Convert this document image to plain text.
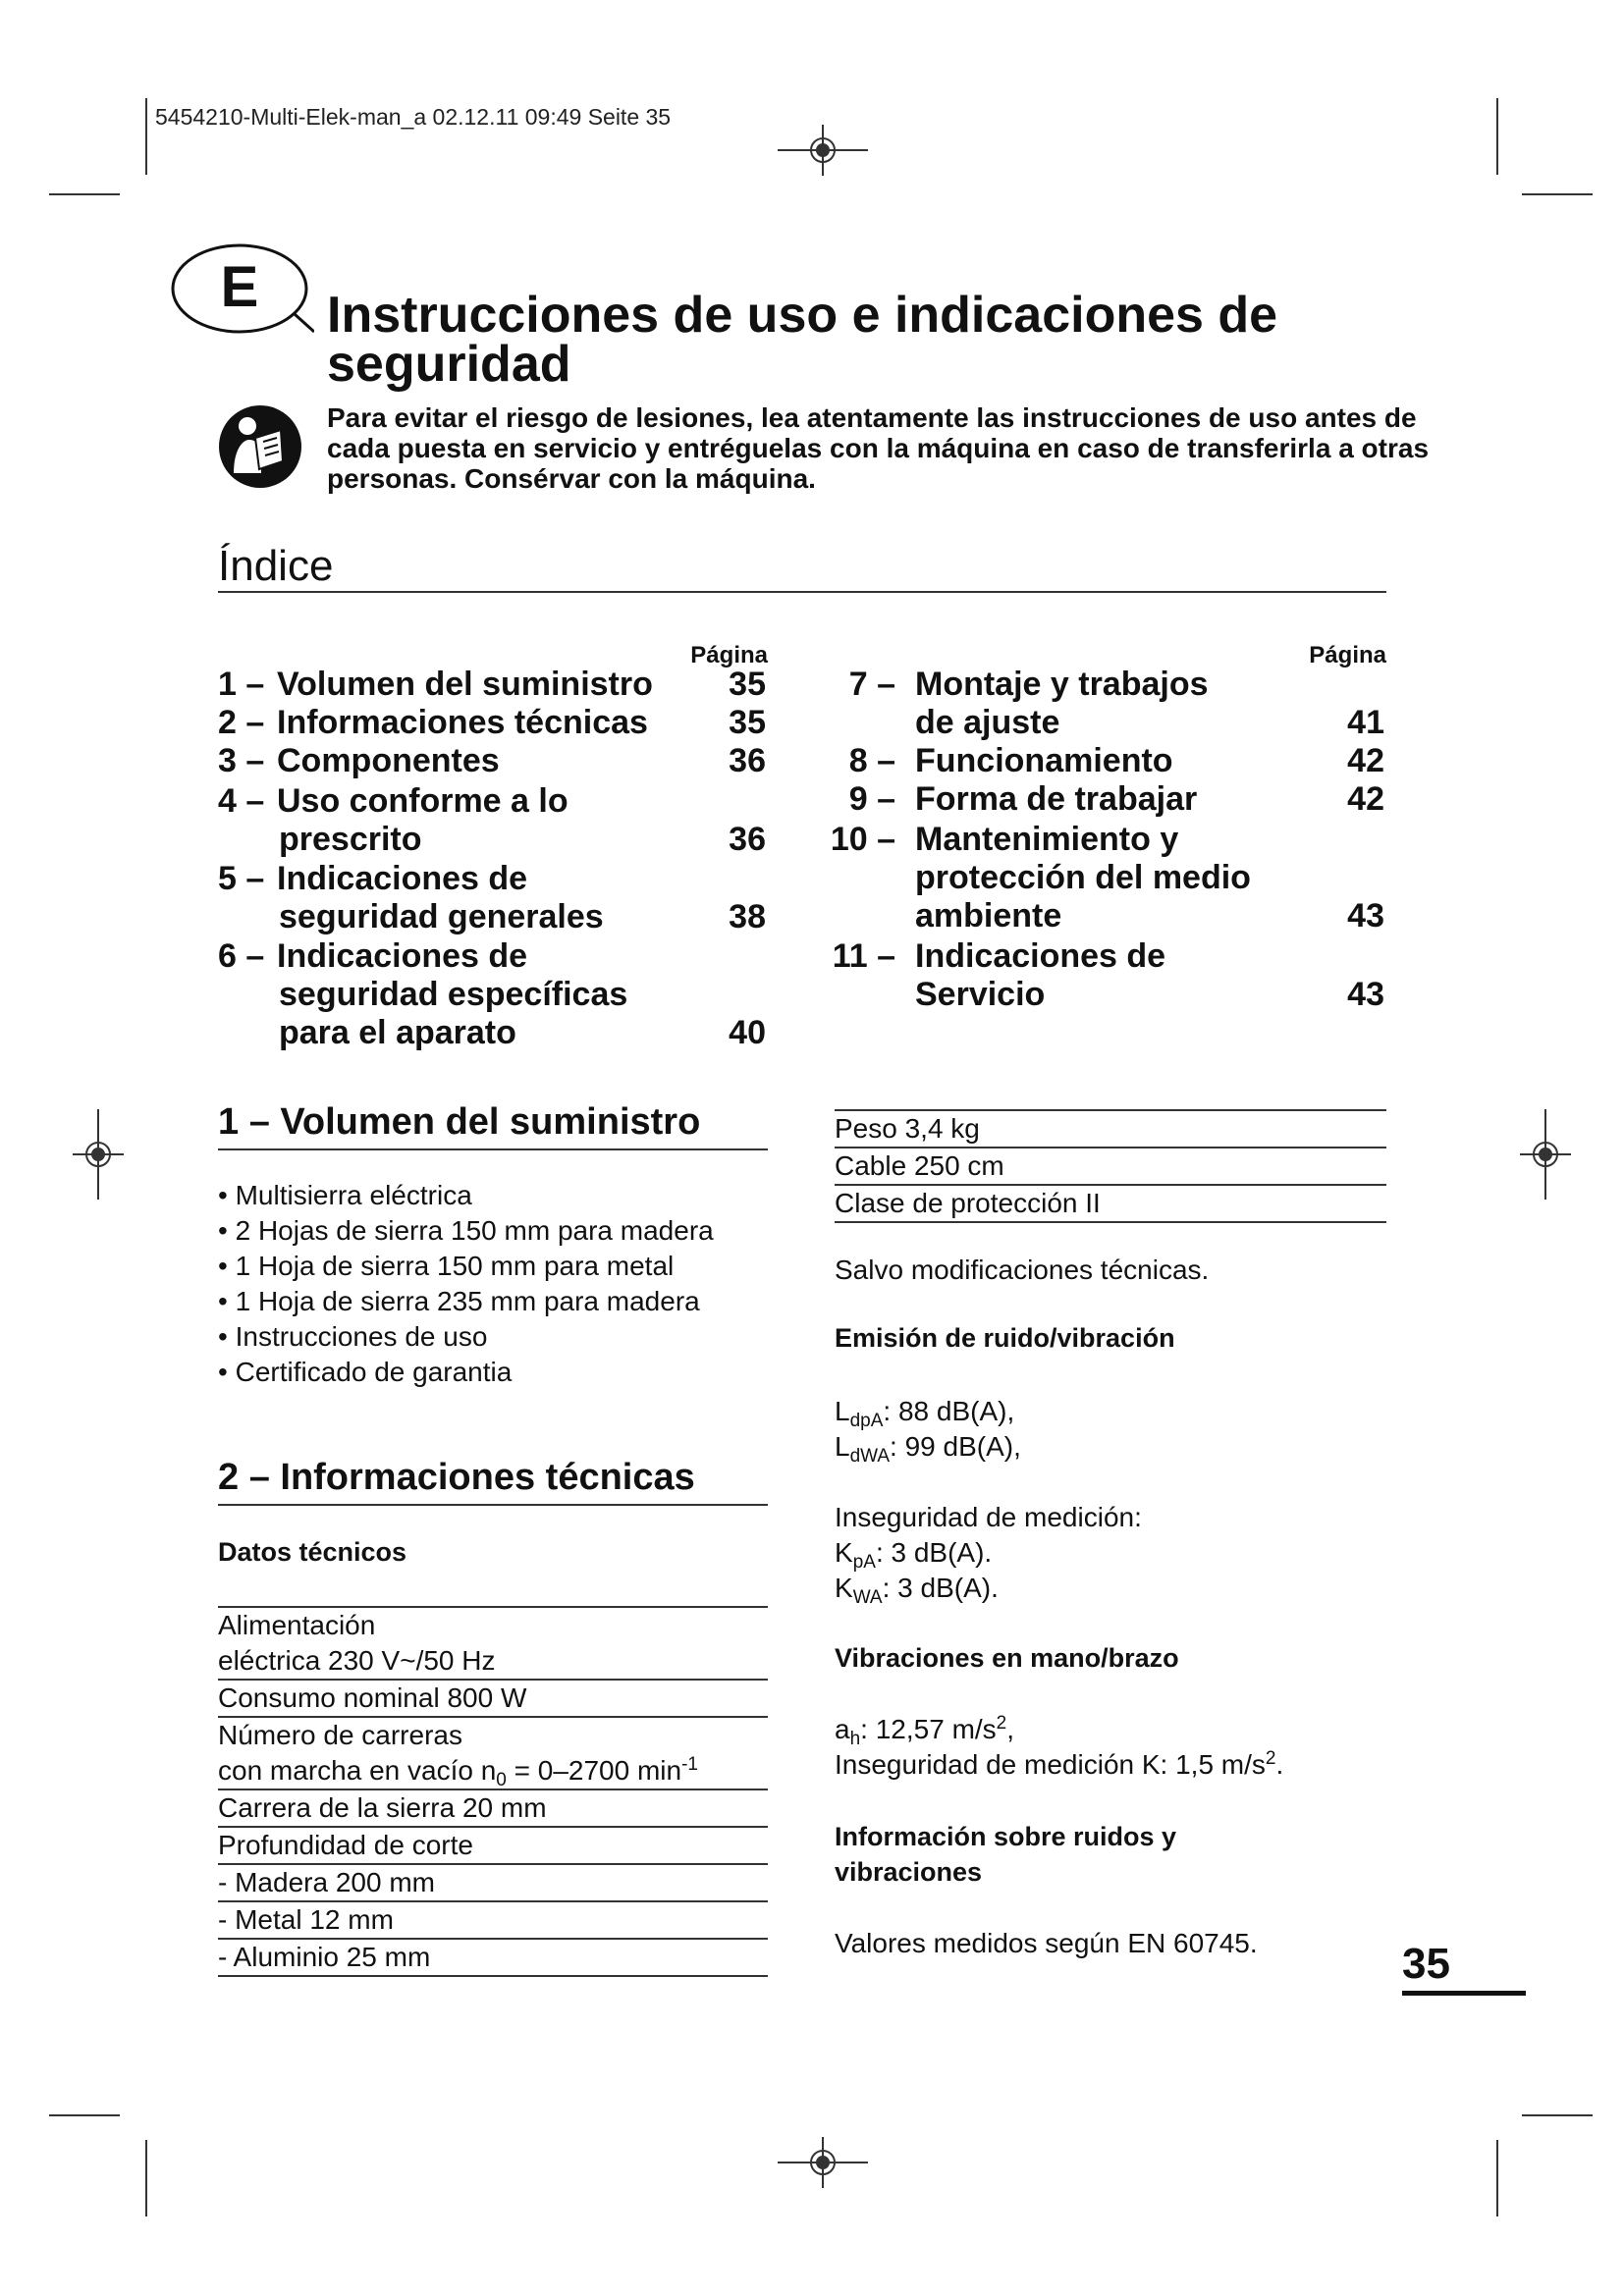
5454210-Multi-Elek-man_a 02.12.11 09:49 Seite 35
E Instrucciones de uso e indicaciones de seguridad
Para evitar el riesgo de lesiones, lea atentamente las instrucciones de uso antes de cada puesta en servicio y entréguelas con la máquina en caso de transferirla a otras personas. Consérvar con la máquina.
Índice
Página
1 – Volumen del suministro 35
2 – Informaciones técnicas 35
3 – Componentes	36
4 – Uso conforme a lo
prescrito	36
5 – Indicaciones de
seguridad generales	38
6 – Indicaciones de
seguridad específicas
para el aparato	40
Página
7 – Montaje y trabajos
de ajuste	41
8 – Funcionamiento	42
9 – Forma de trabajar	42
10 – Mantenimiento y
protección del medio
ambiente	43
11 – Indicaciones de
Servicio	43
1 – Volumen del suministro
• Multisierra eléctrica
• 2 Hojas de sierra 150 mm para madera
• 1 Hoja de sierra 150 mm para metal
• 1 Hoja de sierra 235 mm para madera
• Instrucciones de uso
• Certificado de garantia
2 – Informaciones técnicas
Datos técnicos
Alimentación
eléctrica 230 V~/50 Hz

Consumo nominal 800 W

Número de carreras
con marcha en vacío $n_0 = 0-2700$ $\min^{-1}$

Carrera de la sierra 20 mm
Profundidad de corte
- Madera 200 mm
- Metal 12 mm
- Aluminio 25 mm
Peso 3,4 kg
Cable 250 cm
Clase de protección II
Salvo modificaciones técnicas.
Emisión de ruido/vibración
$L_{dpA}$: 88 dB(A),
$L_{dWA}$: 99 dB(A),
Inseguridad de medición:
$K_{pA}$: 3 dB(A).
$K_{WA}$: 3 dB(A).
Vibraciones en mano/brazo
$a_h$: 12,57 $m/s^2$,
Inseguridad de medición K: 1,5 $m/s^2$.
Información sobre ruidos y
vibraciones
Valores medidos según EN 60745.	35
